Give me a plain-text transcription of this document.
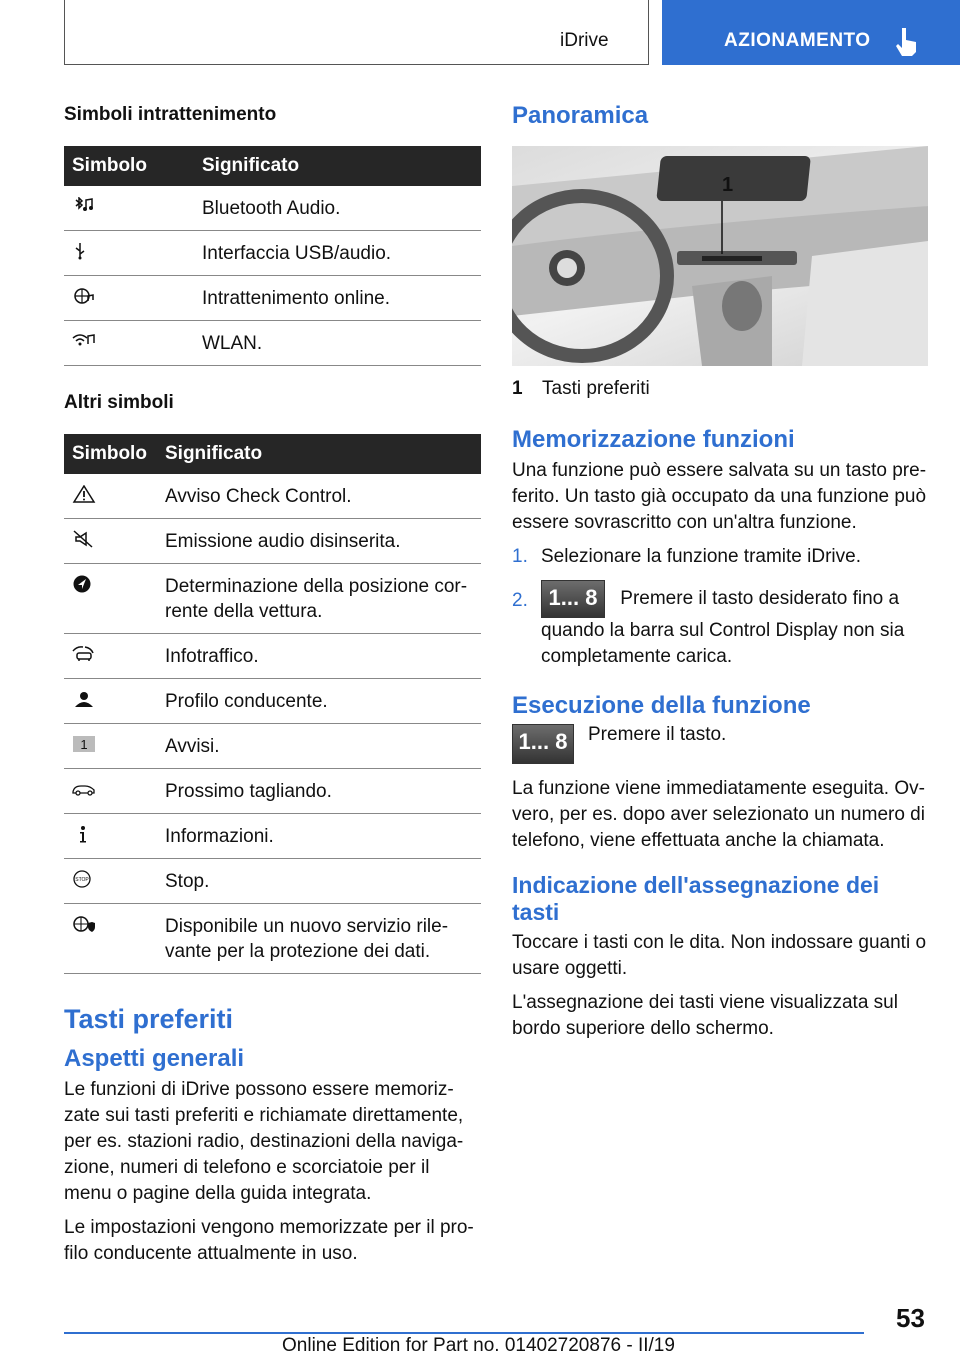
iDrive	AZIONAMENTO
Simboli intrattenimento
Simbolo	Significato

	Bluetooth Audio.

	Interfaccia USB/audio.

	Intrattenimento online.

	WLAN.
Altri simboli
Simbolo	Significato

	Avviso Check Control.

	Emissione audio disinserita.

	Determinazione della posizione cor- rente della vettura.

	Infotraffico.

	Profilo conducente.

1	Avvisi.

	Prossimo tagliando.

	Informazioni.

STOP	Stop.

	Disponibile un nuovo servizio rile- vante per la protezione dei dati.
Tasti preferiti
Aspetti generali

Le funzioni di iDrive possono essere memoriz- zate sui tasti preferiti e richiamate direttamente, per es. stazioni radio, destinazioni della naviga- zione, numeri di telefono e scorciatoie per il menu o pagine della guida integrata.

Le impostazioni vengono memorizzate per il pro- filo conducente attualmente in uso.

Panoramica
1
1	Tasti preferiti
Memorizzazione funzioni

Una funzione può essere salvata su un tasto pre- ferito. Un tasto già occupato da una funzione può essere sovrascritto con un'altra funzione.

1. Selezionare la funzione tramite iDrive.
2. 1... 8 Premere il tasto desiderato fino a quando la barra sul Control Display non sia completamente carica.
Esecuzione della funzione
1... 8	Premere il tasto.

La funzione viene immediatamente eseguita. Ov- vero, per es. dopo aver selezionato un numero di telefono, viene effettuata anche la chiamata.

Indicazione dell'assegnazione dei tasti

Toccare i tasti con le dita. Non indossare guanti o usare oggetti.

L'assegnazione dei tasti viene visualizzata sul bordo superiore dello schermo.

53
Online Edition for Part no. 01402720876 - II/19
